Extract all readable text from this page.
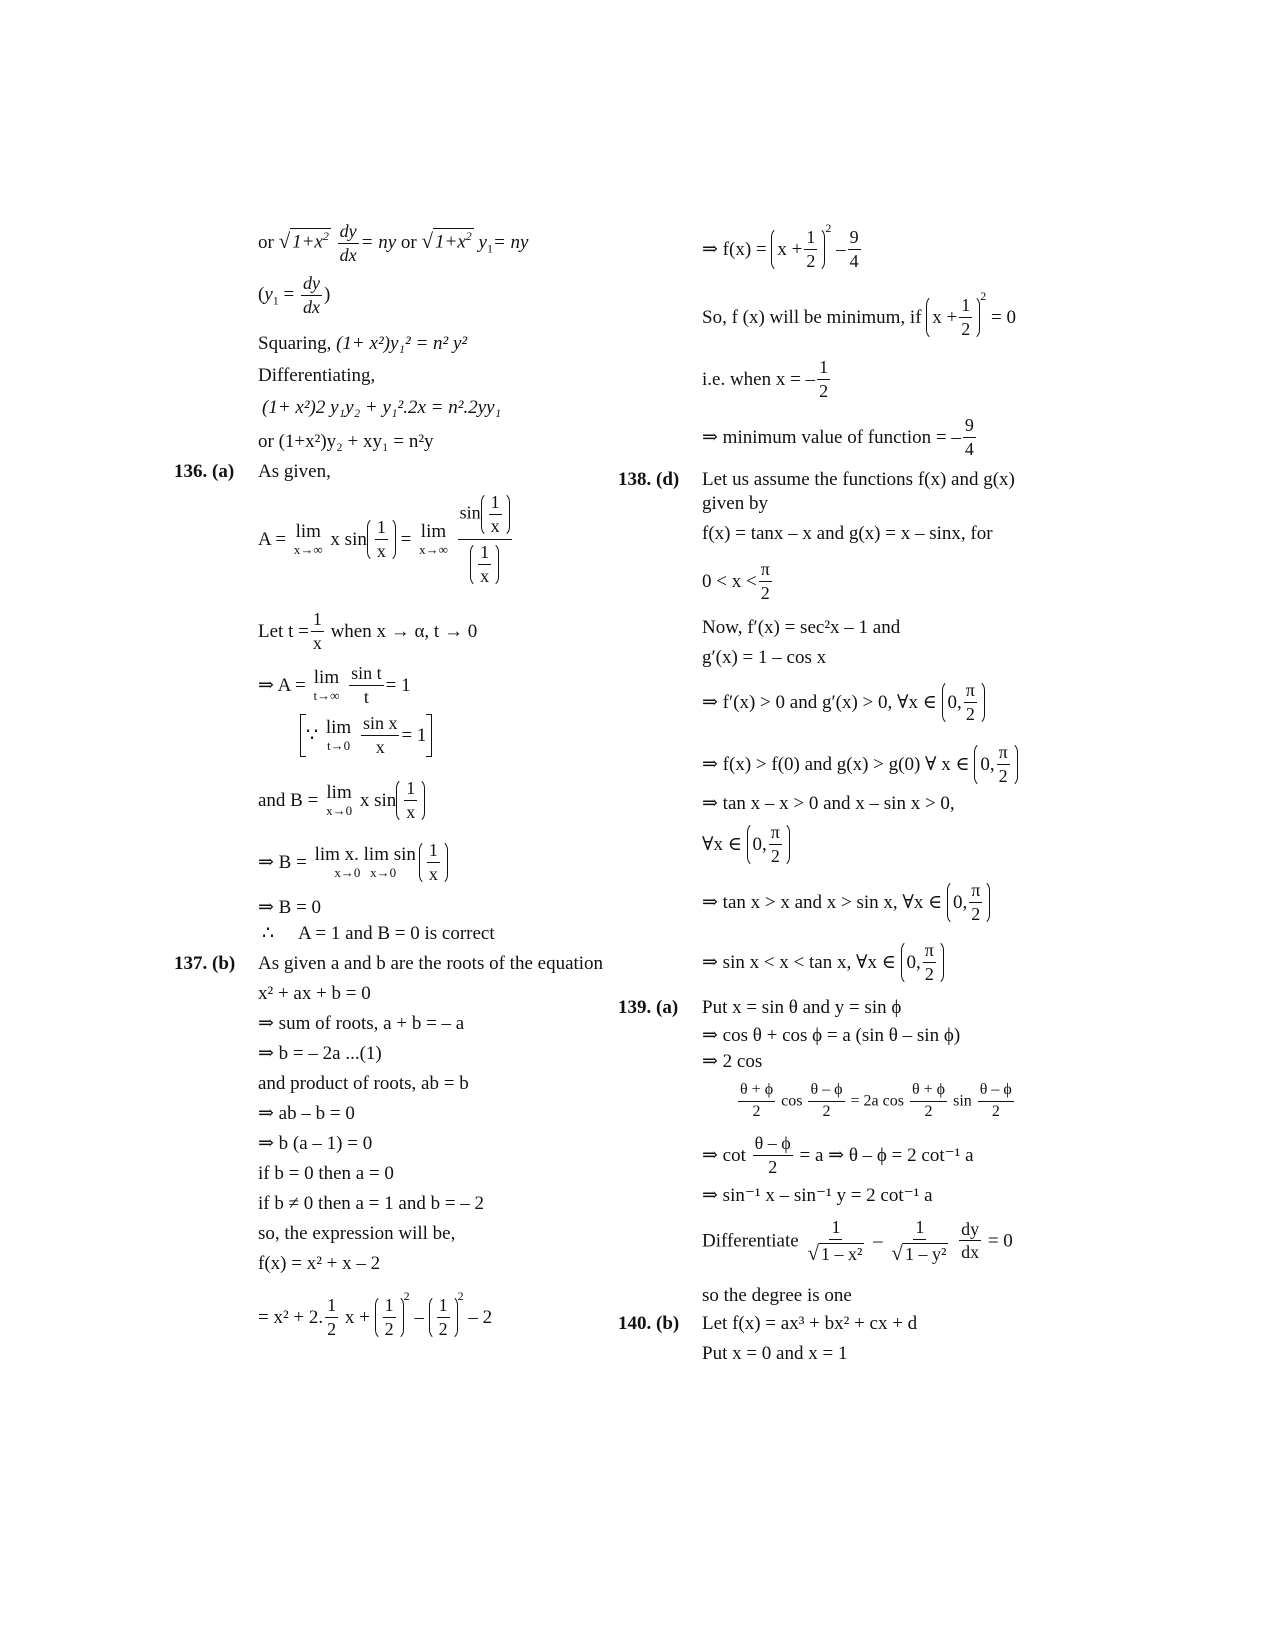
or √ $1+x^2 \frac{dy}{dx}$ = ny or √ $1+x^2$ $y_1=$ ny
($y_1 = \frac{dy}{dx}$ )
Squaring, (1+ x²)y₁² = n² y²
Differentiating,
(1+ x²)2 y₁y₂ + y₁².2x = n².2yy₁
or (1+x²)y₂ + xy₁ = n²y
136. (a) As given,
A = lim
x→∞ x $\sin \frac{1}{x} = \lim$
x→∞
$\frac{\sin \frac{1}{x}}{\frac{1}{x}}$
Let $t = \frac{1}{x}$ when x → α, t → 0
⇒ A = lim
t→∞
$\frac{\text{sin t}}{t} = 1$
∵ lim
t→0
$\frac{\text{sin x}}{x} = 1$
and B = lim
x→0 x $\sin \frac{1}{x}$
⇒ B = lim x. lim sin
x→0 $x\to 0 \frac{1}{x}$
⇒ B = 0
∴ A = 1 and B = 0 is correct
137. (b) As given a and b are the roots of the equation
x² + ax + b = 0
⇒ sum of roots, a + b = – a
⇒ b = – 2a ...(1)
and product of roots, ab = b
⇒ ab – b = 0
⇒ b (a – 1) = 0
if b = 0 then a = 0
if b ≠ 0 then a = 1 and b = – 2
so, the expression will be,
f(x) = x² + x – 2
= x² + 2. $\frac{1}{2}$ $x + \frac{1}{2}$
$^2 - \frac{1}{2}$
$^2$ – 2
⇒ $f(x) = x + \frac{1}{2}$
$^2 - \frac{9}{4}$
So, f (x) will be minimum, if $x + \frac{1}{2}$
$^2$ = 0
i.e. when x = – $\frac{1}{2}$
⇒ minimum value of function = – $\frac{9}{4}$
138. (d) Let us assume the functions f(x) and g(x)
given by
f(x) = tanx – x and g(x) = x – sinx, for
$0 < x < \frac{\pi}{2}$
Now, f′(x) = sec²x – 1 and
g′(x) = 1 – cos x
⇒ f′(x) > 0 and g′(x) > 0, ∀x ∈ 0, $\frac{\pi}{2}$
⇒ f(x) > f(0) and g(x) > g(0) ∀ x ∈ 0, $\frac{\pi}{2}$
⇒ tan x – x > 0 and x – sin x > 0,
∀x ∈ 0, $\frac{\pi}{2}$
⇒ tan x > x and x > sin x, ∀x ∈ 0, $\frac{\pi}{2}$
⇒ sin x < x < tan x, ∀x ∈ 0, $\frac{\pi}{2}$
139. (a) Put x = sin θ and y = sin ϕ
⇒ cos θ + cos ϕ = a (sin θ – sin ϕ)
⇒ 2 cos
$\frac{\theta + \phi}{2}$ $\cos \frac{\theta - \phi}{2} = 2a$ $\cos \frac{\theta + \phi}{2}$ $\sin \frac{\theta - \phi}{2}$
⇒ $\cot \frac{\theta - \phi}{2} = a$ ⇒ θ – ϕ = 2 cot⁻¹ a
⇒ sin⁻¹ x – sin⁻¹ y = 2 cot⁻¹ a
Differentiate $\frac{1}{\text{√ 1 – x²}} - \frac{1}{\text{√ 1 – y²}}$
$\frac{dy}{dx} = 0$
so the degree is one
140. (b) Let f(x) = ax³ + bx² + cx + d
Put x = 0 and x = 1
